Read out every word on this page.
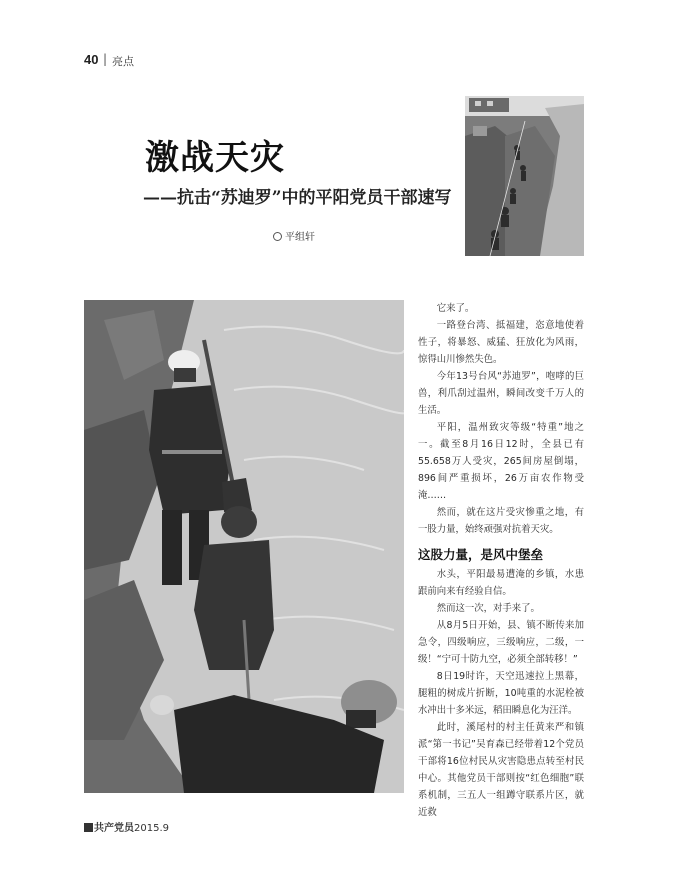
40 | 亮点
激战天灾
——抗击“苏迪罗”中的平阳党员干部速写
平组轩

它来了。

一路登台湾、抵福建，恣意地使着性子，将暴怒、威猛、狂放化为风雨，惊得山川惨然失色。

今年13号台风“苏迪罗”，咆哮的巨兽，利爪刮过温州，瞬间改变千万人的生活。

平阳，温州致灾等级“特重”地之一。截至8月16日12时，全县已有55.658万人受灾，265间房屋倒塌，896间严重损坏，26万亩农作物受淹……

然而，就在这片受灾惨重之地，有一股力量，始终顽强对抗着天灾。

这股力量，是风中堡垒

水头，平阳最易遭淹的乡镇，水患跟前向来有经验自信。

然而这一次，对手来了。

从8月5日开始，县、镇不断传来加急令，四级响应，三级响应，二级，一级！“宁可十防九空，必须全部转移！”

8日19时许，天空迅速拉上黑幕，腿粗的树成片折断，10吨重的水泥栓被水冲出十多米远，稻田瞬息化为汪洋。

此时，溪尾村的村主任黄来严和镇派“第一书记”吴育森已经带着12个党员干部将16位村民从灾害隐患点转至村民中心。其他党员干部则按“红色细胞”联系机制，三五人一组蹲守联系片区，就近救

共产党员2015.9
